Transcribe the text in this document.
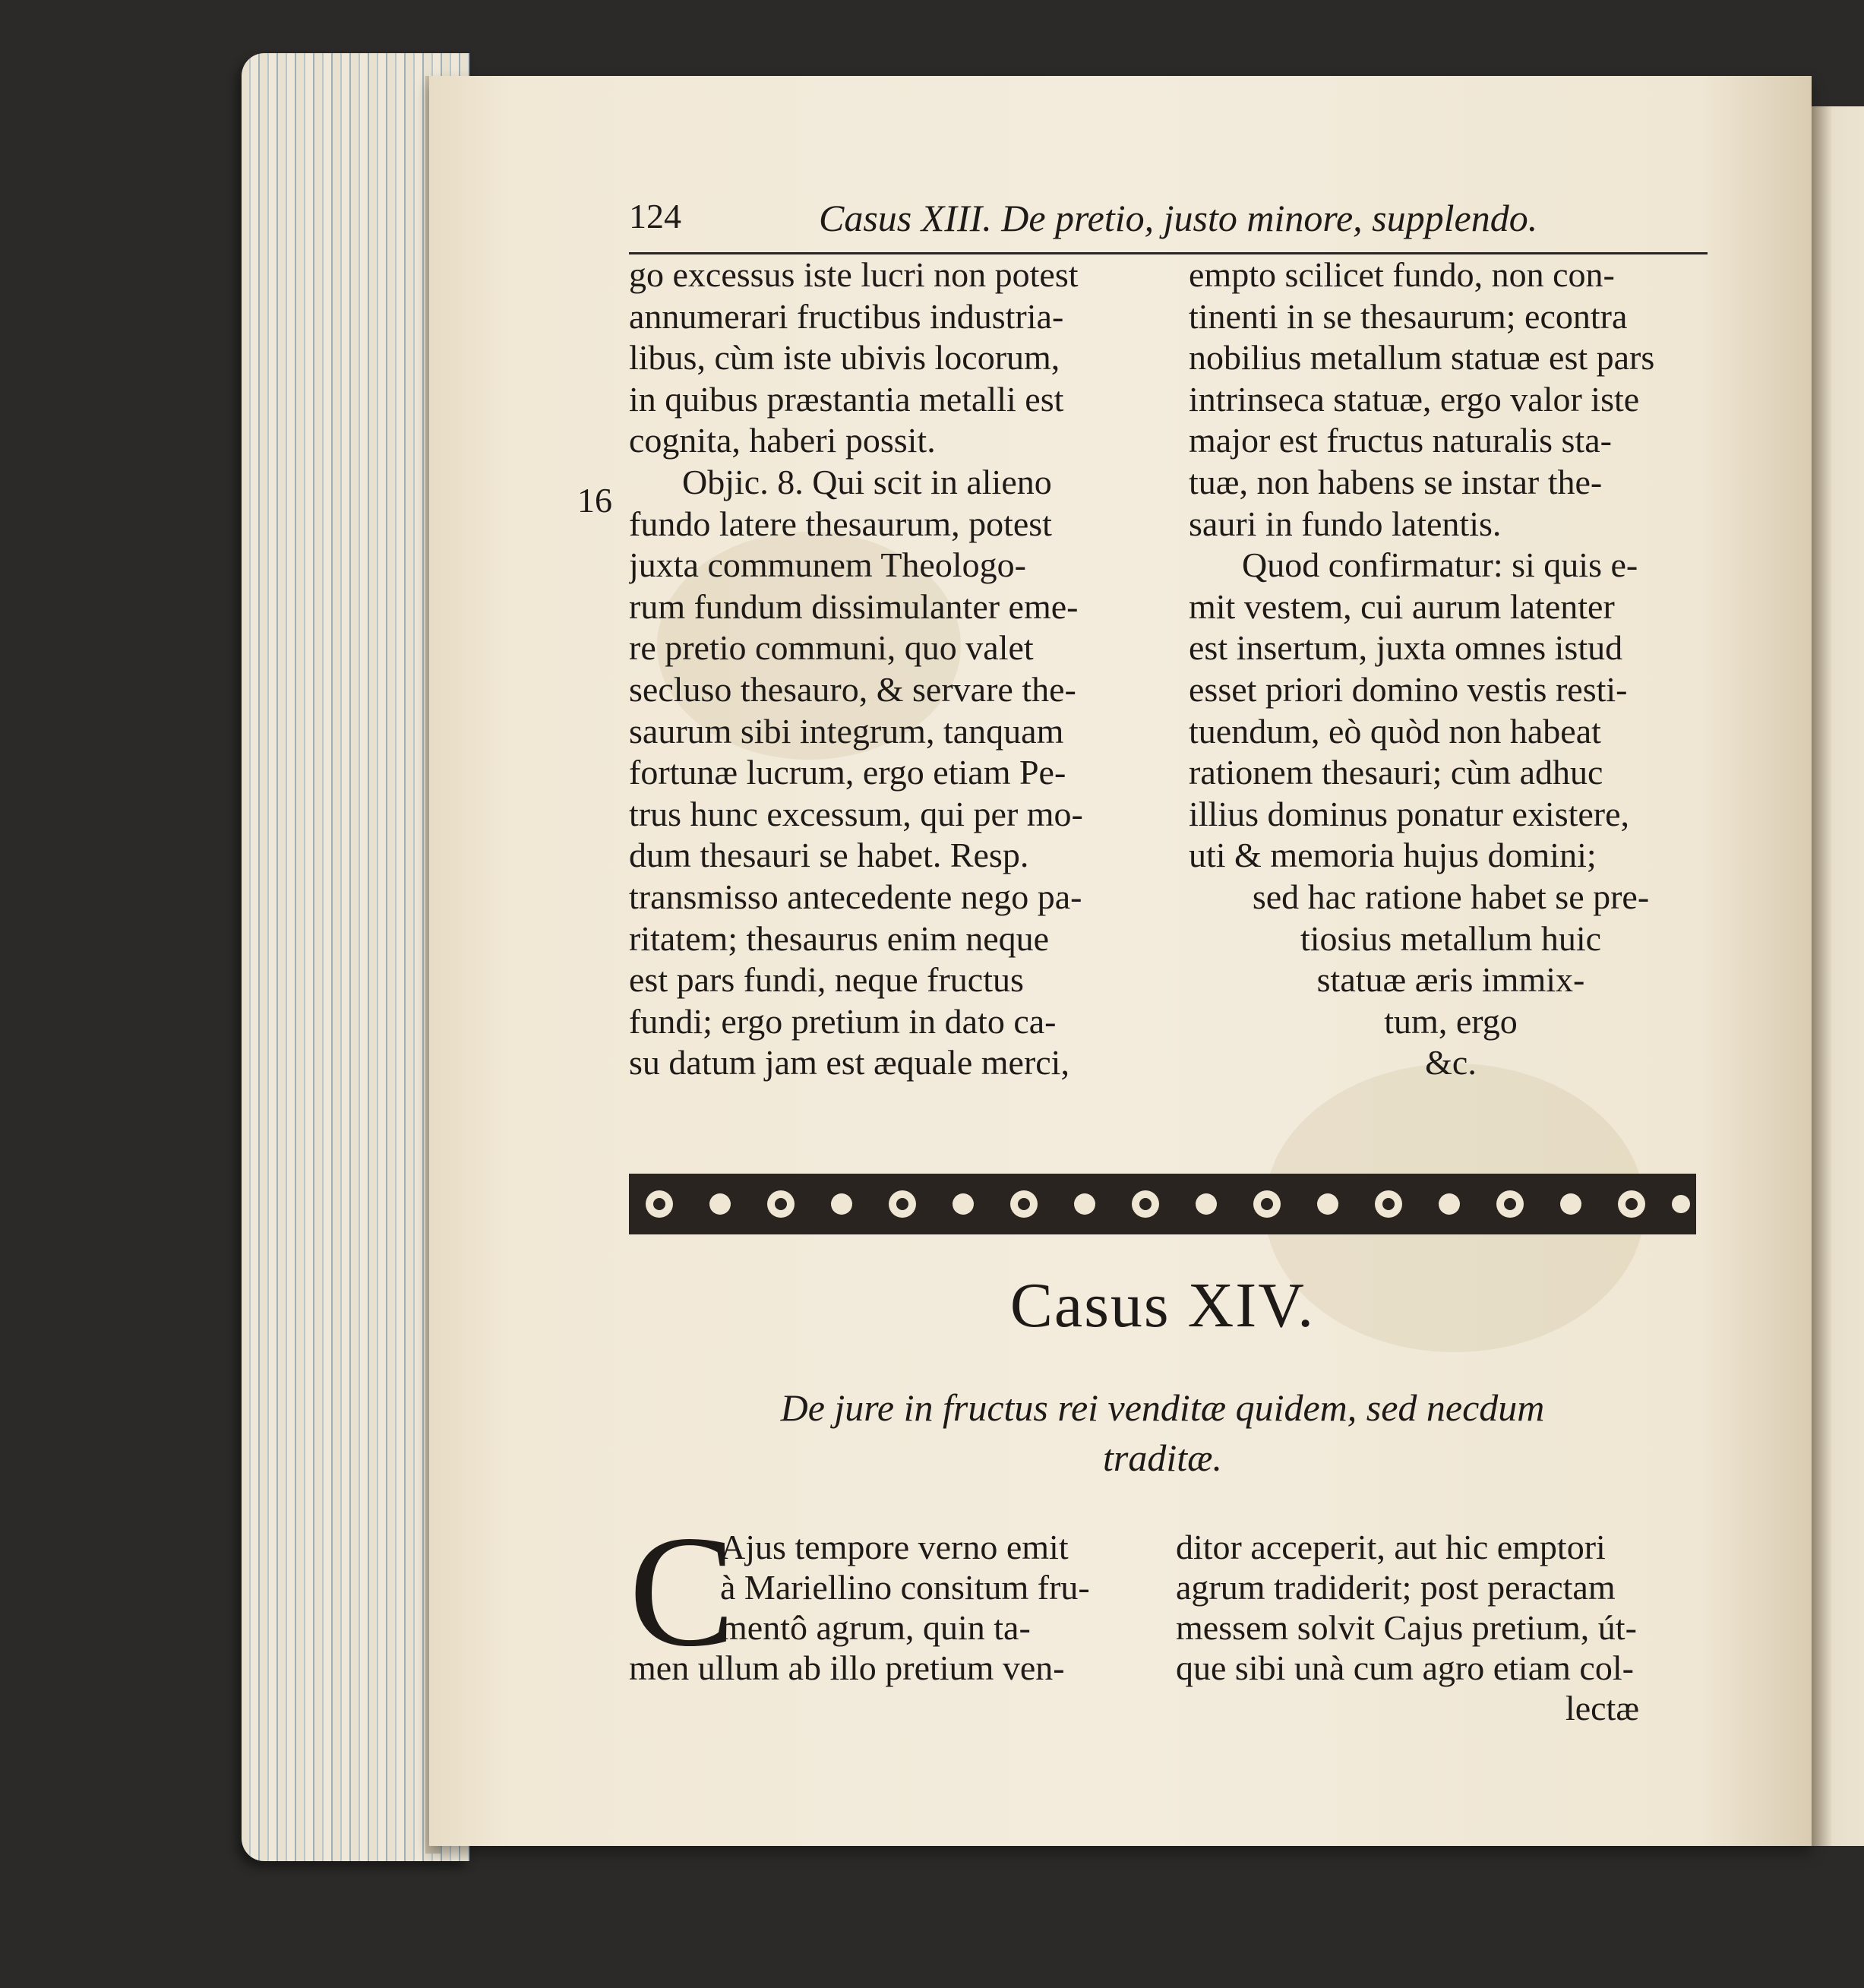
124	Casus XIII. De pretio, justo minore, supplendo.
16
go excessus iste lucri non potest
annumerari fructibus industria-
libus, cùm iste ubivis locorum,
in quibus præstantia metalli est
cognita, haberi possit.
Objic. 8. Qui scit in alieno
fundo latere thesaurum, potest
juxta communem Theologo-
rum fundum dissimulanter eme-
re pretio communi, quo valet
secluso thesauro, & servare the-
saurum sibi integrum, tanquam
fortunæ lucrum, ergo etiam Pe-
trus hunc excessum, qui per mo-
dum thesauri se habet. Resp.
transmisso antecedente nego pa-
ritatem; thesaurus enim neque
est pars fundi, neque fructus
fundi; ergo pretium in dato ca-
su datum jam est æquale merci,
empto scilicet fundo, non con-
tinenti in se thesaurum; econtra
nobilius metallum statuæ est pars
intrinseca statuæ, ergo valor iste
major est fructus naturalis sta-
tuæ, non habens se instar the-
sauri in fundo latentis.
Quod confirmatur: si quis e-
mit vestem, cui aurum latenter
est insertum, juxta omnes istud
esset priori domino vestis resti-
tuendum, eò quòd non habeat
rationem thesauri; cùm adhuc
illius dominus ponatur existere,
uti & memoria hujus domini;
sed hac ratione habet se pre-
tiosius metallum huic
statuæ æris immix-
tum, ergo
&c.
Casus XIV.
De jure in fructus rei venditæ quidem, sed necdum
traditæ.
C
Ajus tempore verno emit
à Mariellino consitum fru-
mentô agrum, quin ta-
men ullum ab illo pretium ven-
ditor acceperit, aut hic emptori
agrum tradiderit; post peractam
messem solvit Cajus pretium, út-
que sibi unà cum agro etiam col-
lectæ
